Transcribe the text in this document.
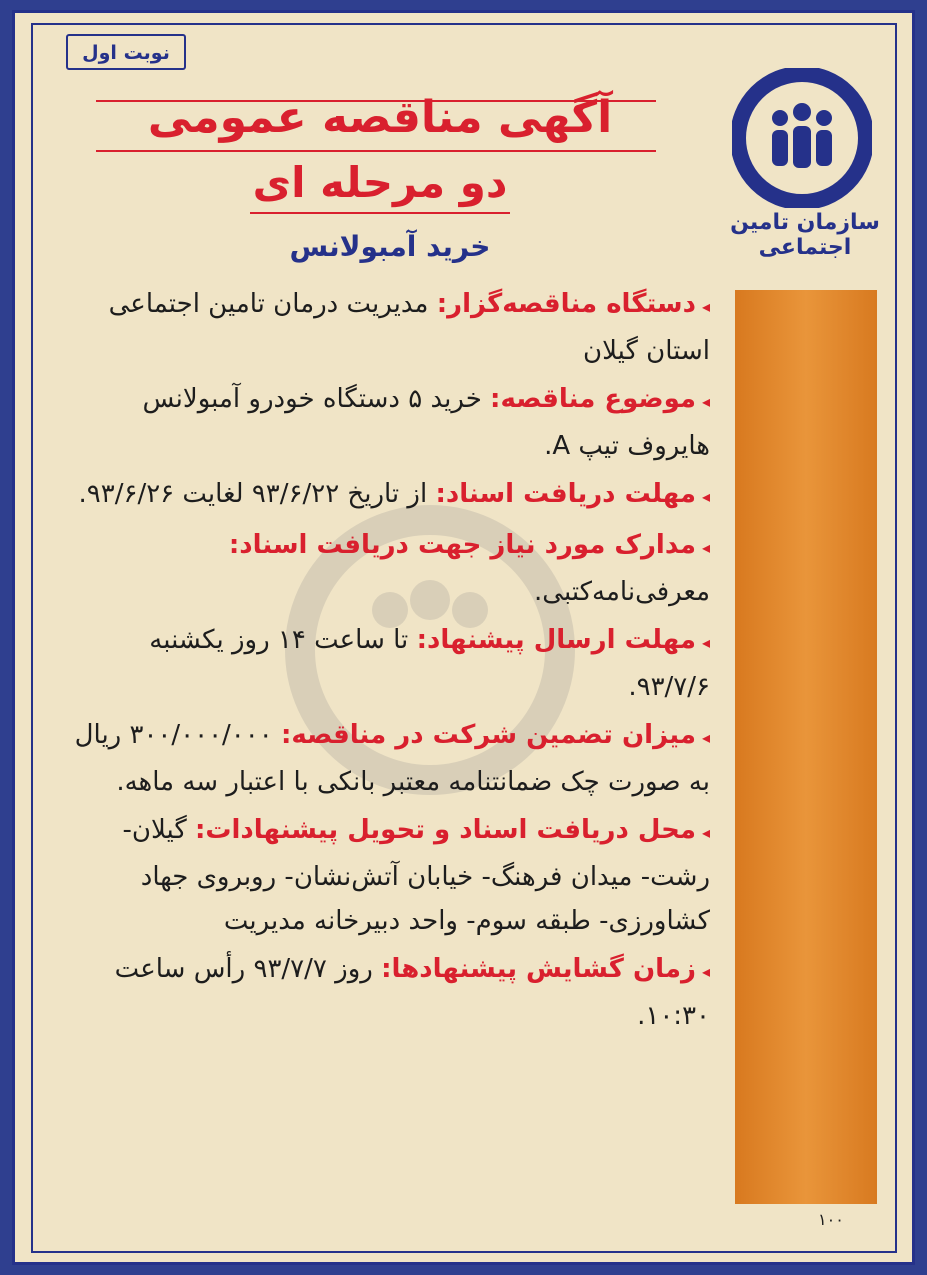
نوبت اول
آگهی مناقصه عمومی
دو مرحله ای
خرید آمبولانس
سازمان تامین اجتماعی
◂دستگاه مناقصه‌گزار: مدیریت درمان تامین اجتماعی استان گیلان
◂موضوع مناقصه: خرید ۵ دستگاه خودرو آمبولانس هایروف تیپ A.
◂مهلت دریافت اسناد: از تاریخ ۹۳/۶/۲۲ لغایت ۹۳/۶/۲۶.
◂مدارک مورد نیاز جهت دریافت اسناد: معرفی‌نامه‌کتبی.
◂مهلت ارسال پیشنهاد: تا ساعت ۱۴ روز یکشنبه ۹۳/۷/۶.
◂میزان تضمین شرکت در مناقصه: ۳۰۰/۰۰۰/۰۰۰ ریال به صورت چک ضمانتنامه معتبر بانکی با اعتبار سه ماهه.
◂محل دریافت اسناد و تحویل پیشنهادات: گیلان- رشت- میدان فرهنگ- خیابان آتش‌نشان- روبروی جهاد کشاورزی- طبقه سوم- واحد دبیرخانه مدیریت
◂زمان گشایش پیشنهادها: روز ۹۳/۷/۷ رأس ساعت ۱۰:۳۰.
۱۰۰
